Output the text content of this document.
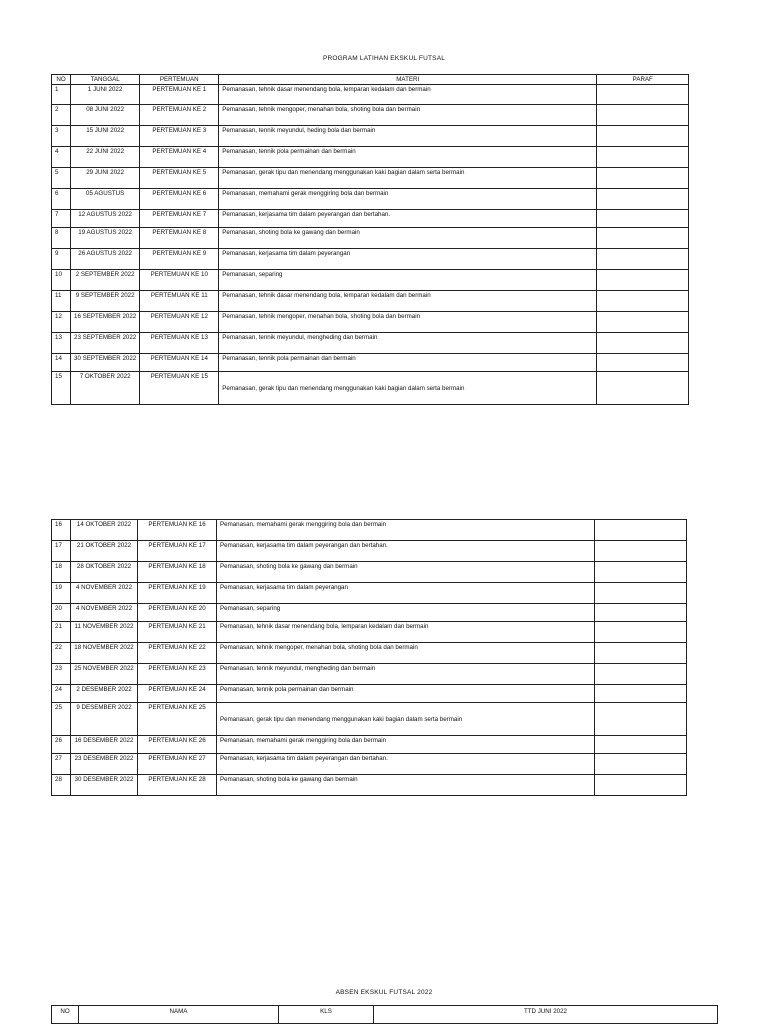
PROGRAM LATIHAN EKSKUL FUTSAL
NO	TANGGAL	PERTEMUAN	MATERI	PARAF
1	1 JUNI 2022	PERTEMUAN KE 1	Pemanasan, tehnik dasar menendang bola, lemparan kedalam dan bermain	
2	08 JUNI 2022	PERTEMUAN KE 2	Pemanasan, tehnik mengoper, menahan bola, shoting bola dan bermain	
3	15 JUNI 2022	PERTEMUAN KE 3	Pemanasan, tennik meyundul, heding bola dan bermain	
4	22 JUNI 2022	PERTEMUAN KE 4	Pemanasan, tennik pola permainan dan bermain	
5	29 JUNI 2022	PERTEMUAN KE 5	Pemanasan, gerak tipu dan menendang menggunakan kaki bagian dalam serta bermain	
6	05 AGUSTUS	PERTEMUAN KE 6	Pemanasan, memahami gerak menggiring bola dan bermain	
7	12 AGUSTUS 2022	PERTEMUAN KE 7	Pemanasan, kerjasama tim dalam peyerangan dan bertahan.	
8	19 AGUSTUS 2022	PERTEMUAN KE 8	Pemanasan, shoting bola ke gawang dan bermain	
9	26 AGUSTUS 2022	PERTEMUAN KE 9	Pemanasan, kerjasama tim dalam peyerangan	
10	2 SEPTEMBER 2022	PERTEMUAN KE 10	Pemanasan, separing	
11	9 SEPTEMBER 2022	PERTEMUAN KE 11	Pemanasan, tehnik dasar menendang bola, lemparan kedalam dan bermain	
12	16 SEPTEMBER 2022	PERTEMUAN KE 12	Pemanasan, tehnik mengoper, menahan bola, shoting bola dan bermain	
13	23 SEPTEMBER 2022	PERTEMUAN KE 13	Pemanasan, tennik meyundul, mengheding dan bermain	
14	30 SEPTEMBER 2022	PERTEMUAN KE 14	Pemanasan, tennik pola permainan dan bermain	
15	7 OKTOBER 2022	PERTEMUAN KE 15	Pemanasan, gerak tipu dan menendang menggunakan kaki bagian dalam serta bermain	
16	14 OKTOBER 2022	PERTEMUAN KE 16	Pemanasan, memahami gerak menggiring bola dan bermain	
17	21 OKTOBER 2022	PERTEMUAN KE 17	Pemanasan, kerjasama tim dalam peyerangan dan bertahan.	
18	28 OKTOBER 2022	PERTEMUAN KE 18	Pemanasan, shoting bola ke gawang dan bermain	
19	4 NOVEMBER 2022	PERTEMUAN KE 19	Pemanasan, kerjasama tim dalam peyerangan	
20	4 NOVEMBER 2022	PERTEMUAN KE 20	Pemanasan, separing	
21	11 NOVEMBER 2022	PERTEMUAN KE 21	Pemanasan, tehnik dasar menendang bola, lemparan kedalam dan bermain	
22	18 NOVEMBER 2022	PERTEMUAN KE 22	Pemanasan, tehnik mengoper, menahan bola, shoting bola dan bermain	
23	25 NOVEMBER 2022	PERTEMUAN KE 23	Pemanasan, tennik meyundul, mengheding dan bermain	
24	2 DESEMBER 2022	PERTEMUAN KE 24	Pemanasan, tennik pola permainan dan bermain	
25	9 DESEMBER 2022	PERTEMUAN KE 25	Pemanasan, gerak tipu dan menendang menggunakan kaki bagian dalam serta bermain	
26	16 DESEMBER 2022	PERTEMUAN KE 26	Pemanasan, memahami gerak menggiring bola dan bermain	
27	23 DESEMBER 2022	PERTEMUAN KE 27	Pemanasan, kerjasama tim dalam peyerangan dan bertahan.	
28	30 DESEMBER 2022	PERTEMUAN KE 28	Pemanasan, shoting bola ke gawang dan bermain	
ABSEN EKSKUL FUTSAL 2022
NO	NAMA	KLS	TTD JUNI 2022
